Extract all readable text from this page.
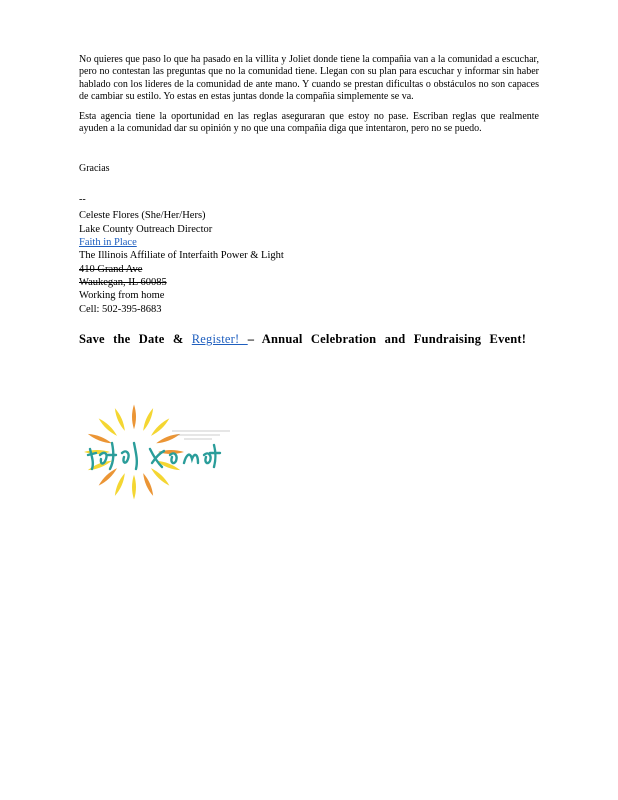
No quieres que paso lo que ha pasado en la villita y Joliet donde tiene la compañia van a la comunidad a escuchar, pero no contestan las preguntas que no la comunidad tiene. Llegan con su plan para escuchar y informar sin haber hablado con los lideres de la comunidad de ante mano. Y cuando se prestan dificultas o obstáculos no son capaces de cambiar su estilo. Yo estas en estas juntas donde la compañia simplemente se va.

Esta agencia tiene la oportunidad en las reglas aseguraran que estoy no pase. Escriban reglas que realmente ayuden a la comunidad dar su opinión y no que una compañia diga que intentaron, pero no se puedo.

Gracias
--
Celeste Flores (She/Her/Hers)
Lake County Outreach Director
Faith in Place
The Illinois Affiliate of Interfaith Power & Light
410 Grand Ave
Waukegan, IL 60085
Working from home
Cell: 502-395-8683
Save the Date & Register! – Annual Celebration and Fundraising Event!
